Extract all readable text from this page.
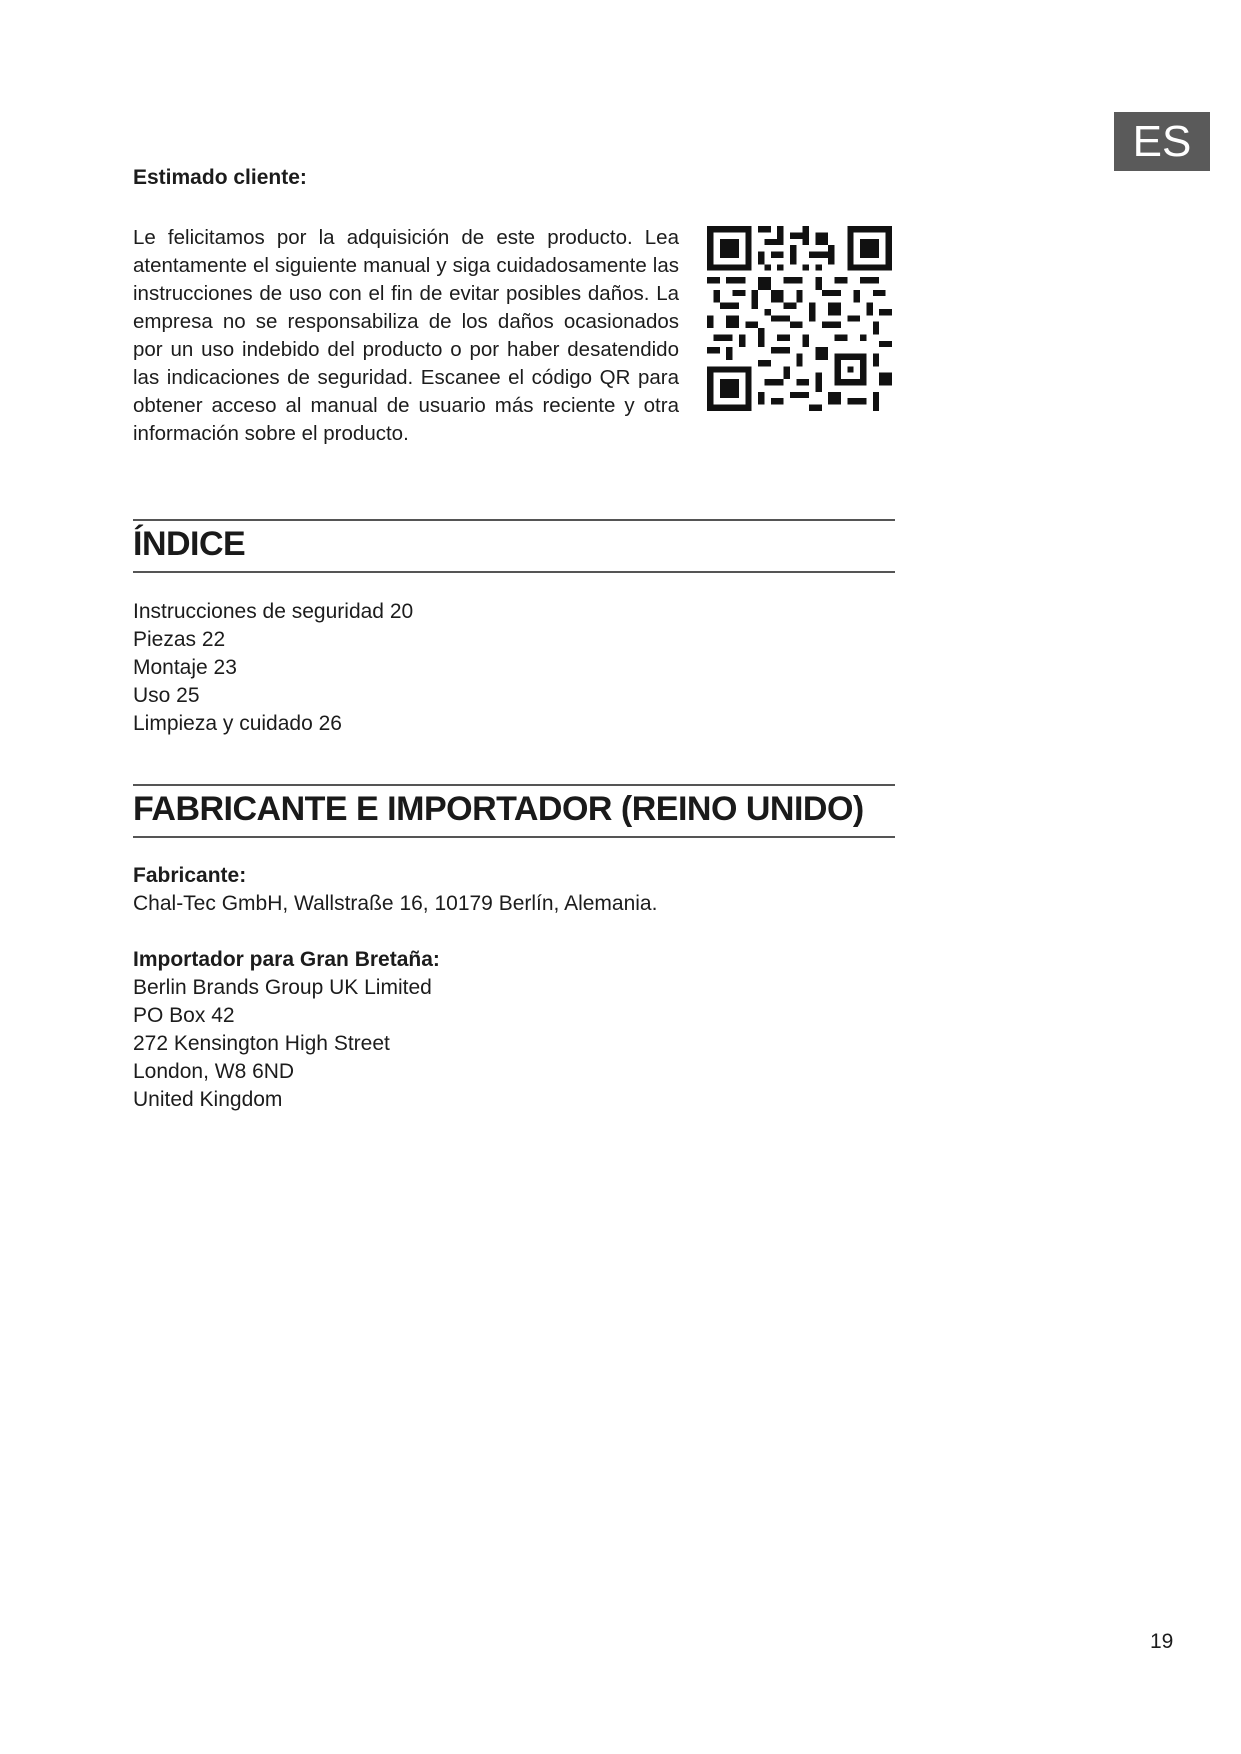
ES
Estimado cliente:
Le felicitamos por la adquisición de este producto. Lea atentamente el siguiente manual y siga cuidadosamente las instrucciones de uso con el fin de evitar posibles daños. La empresa no se responsabiliza de los daños ocasionados por un uso indebido del producto o por haber desatendido las indicaciones de seguridad. Escanee el código QR para obtener acceso al manual de usuario más reciente y otra información sobre el producto.
ÍNDICE
Instrucciones de seguridad 20
Piezas 22
Montaje 23
Uso 25
Limpieza y cuidado 26
FABRICANTE E IMPORTADOR (REINO UNIDO)
Fabricante:
Chal-Tec GmbH, Wallstraße 16, 10179 Berlín, Alemania.
Importador para Gran Bretaña:
Berlin Brands Group UK Limited
PO Box 42
272 Kensington High Street
London, W8 6ND
United Kingdom
19
